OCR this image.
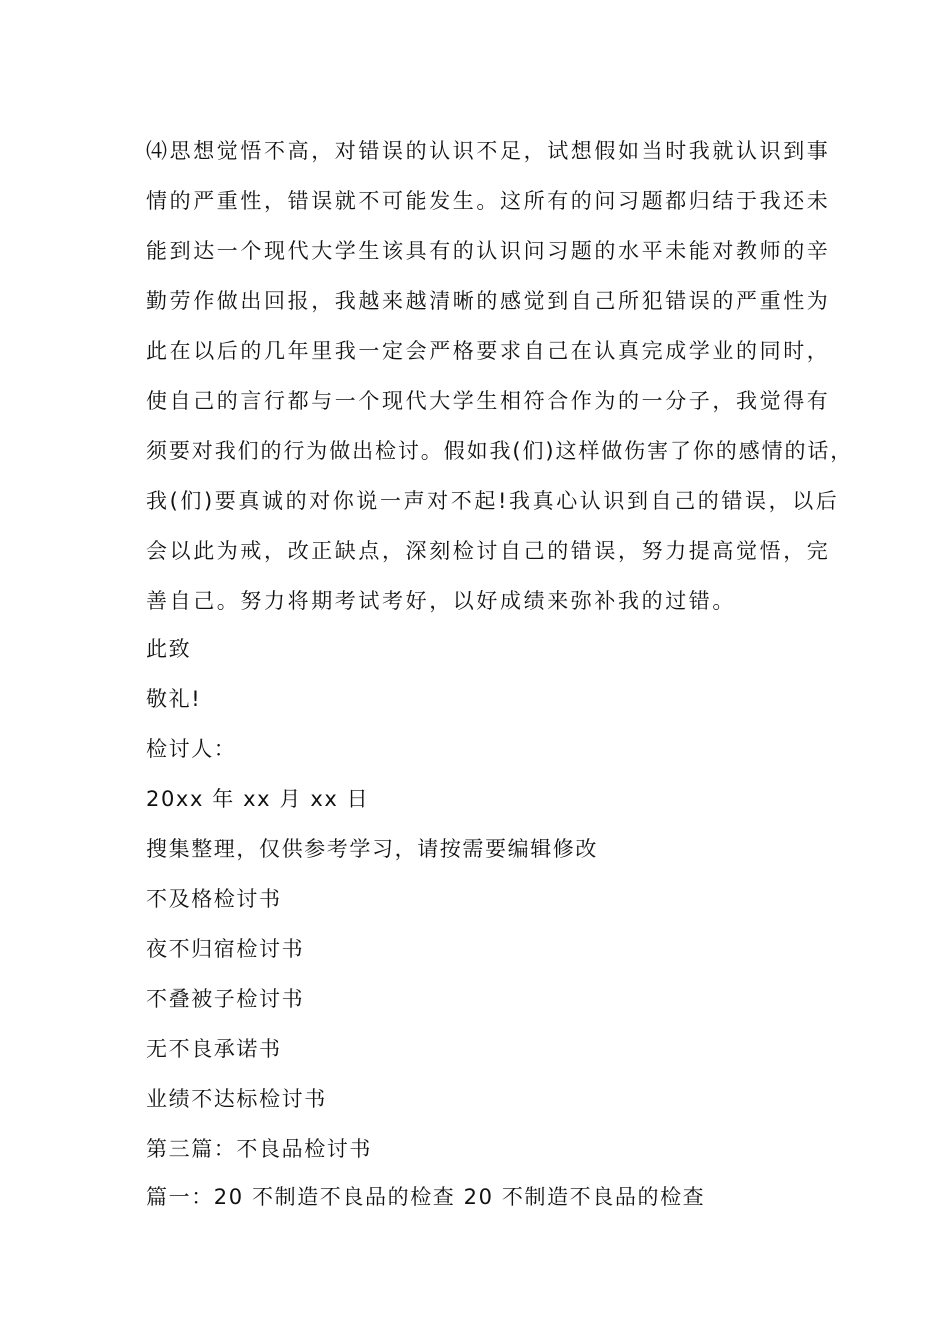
⑷思想觉悟不高，对错误的认识不足，试想假如当时我就认识到事
情的严重性，错误就不可能发生。这所有的问习题都归结于我还未
能到达一个现代大学生该具有的认识问习题的水平未能对教师的辛
勤劳作做出回报，我越来越清晰的感觉到自己所犯错误的严重性为
此在以后的几年里我一定会严格要求自己在认真完成学业的同时，
使自己的言行都与一个现代大学生相符合作为的一分子，我觉得有
须要对我们的行为做出检讨。假如我(们)这样做伤害了你的感情的话，
我(们)要真诚的对你说一声对不起!我真心认识到自己的错误，以后
会以此为戒，改正缺点，深刻检讨自己的错误，努力提高觉悟，完
善自己。努力将期考试考好，以好成绩来弥补我的过错。
此致
敬礼!
检讨人：
20xx 年 xx 月 xx 日
搜集整理，仅供参考学习，请按需要编辑修改
不及格检讨书
夜不归宿检讨书
不叠被子检讨书
无不良承诺书
业绩不达标检讨书
第三篇：不良品检讨书
篇一：20 不制造不良品的检查 20 不制造不良品的检查
